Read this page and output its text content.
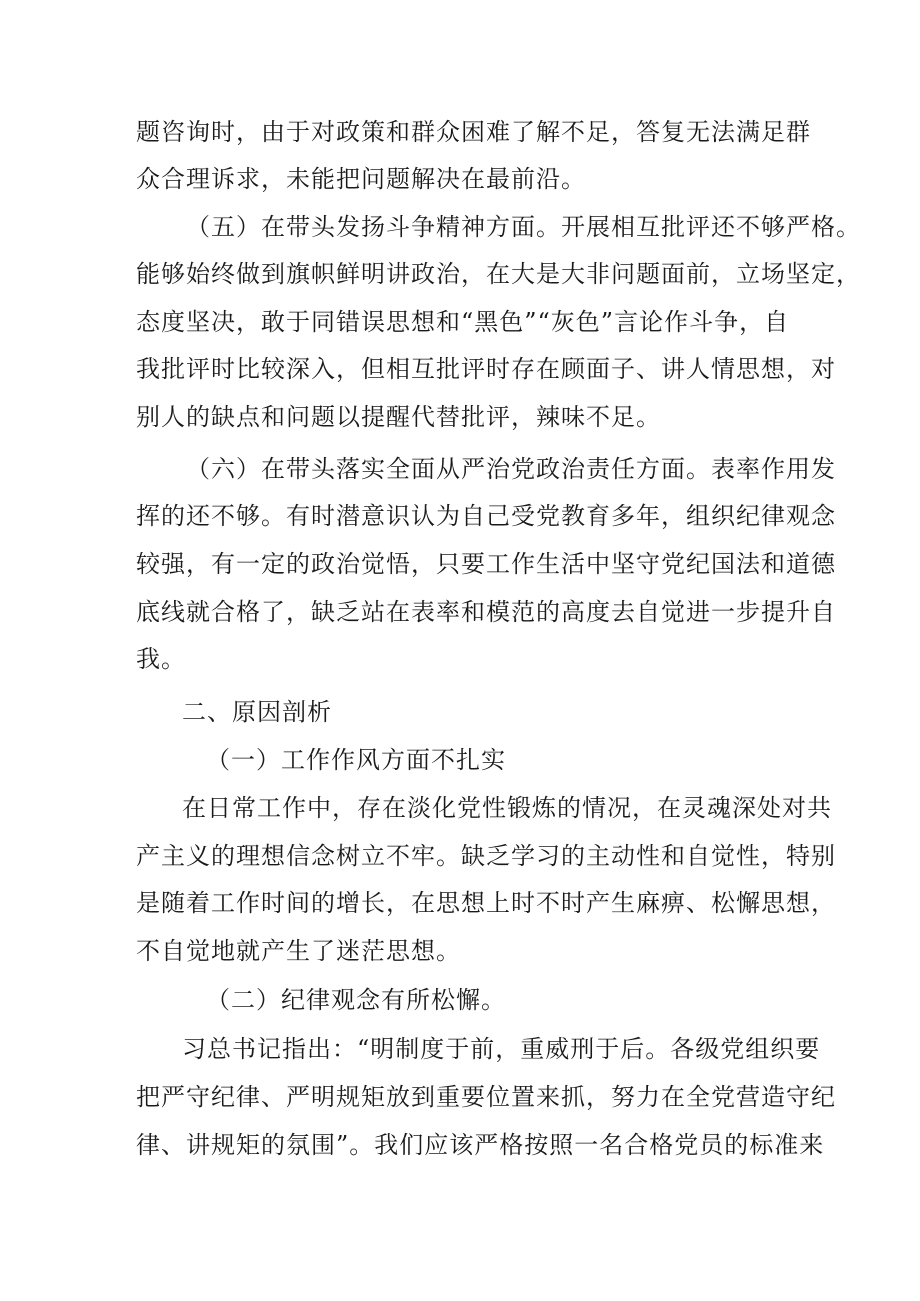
题咨询时，由于对政策和群众困难了解不足，答复无法满足群
众合理诉求，未能把问题解决在最前沿。
（五）在带头发扬斗争精神方面。开展相互批评还不够严格。
能够始终做到旗帜鲜明讲政治，在大是大非问题面前，立场坚定，
态度坚决，敢于同错误思想和“黑色”“灰色”言论作斗争，自
我批评时比较深入，但相互批评时存在顾面子、讲人情思想，对
别人的缺点和问题以提醒代替批评，辣味不足。
（六）在带头落实全面从严治党政治责任方面。表率作用发
挥的还不够。有时潜意识认为自己受党教育多年，组织纪律观念
较强，有一定的政治觉悟，只要工作生活中坚守党纪国法和道德
底线就合格了，缺乏站在表率和模范的高度去自觉进一步提升自
我。
二、原因剖析
（一）工作作风方面不扎实
在日常工作中，存在淡化党性锻炼的情况，在灵魂深处对共
产主义的理想信念树立不牢。缺乏学习的主动性和自觉性，特别
是随着工作时间的增长，在思想上时不时产生麻痹、松懈思想，
不自觉地就产生了迷茫思想。
（二）纪律观念有所松懈。
习总书记指出：“明制度于前，重威刑于后。各级党组织要
把严守纪律、严明规矩放到重要位置来抓，努力在全党营造守纪
律、讲规矩的氛围”。我们应该严格按照一名合格党员的标准来
